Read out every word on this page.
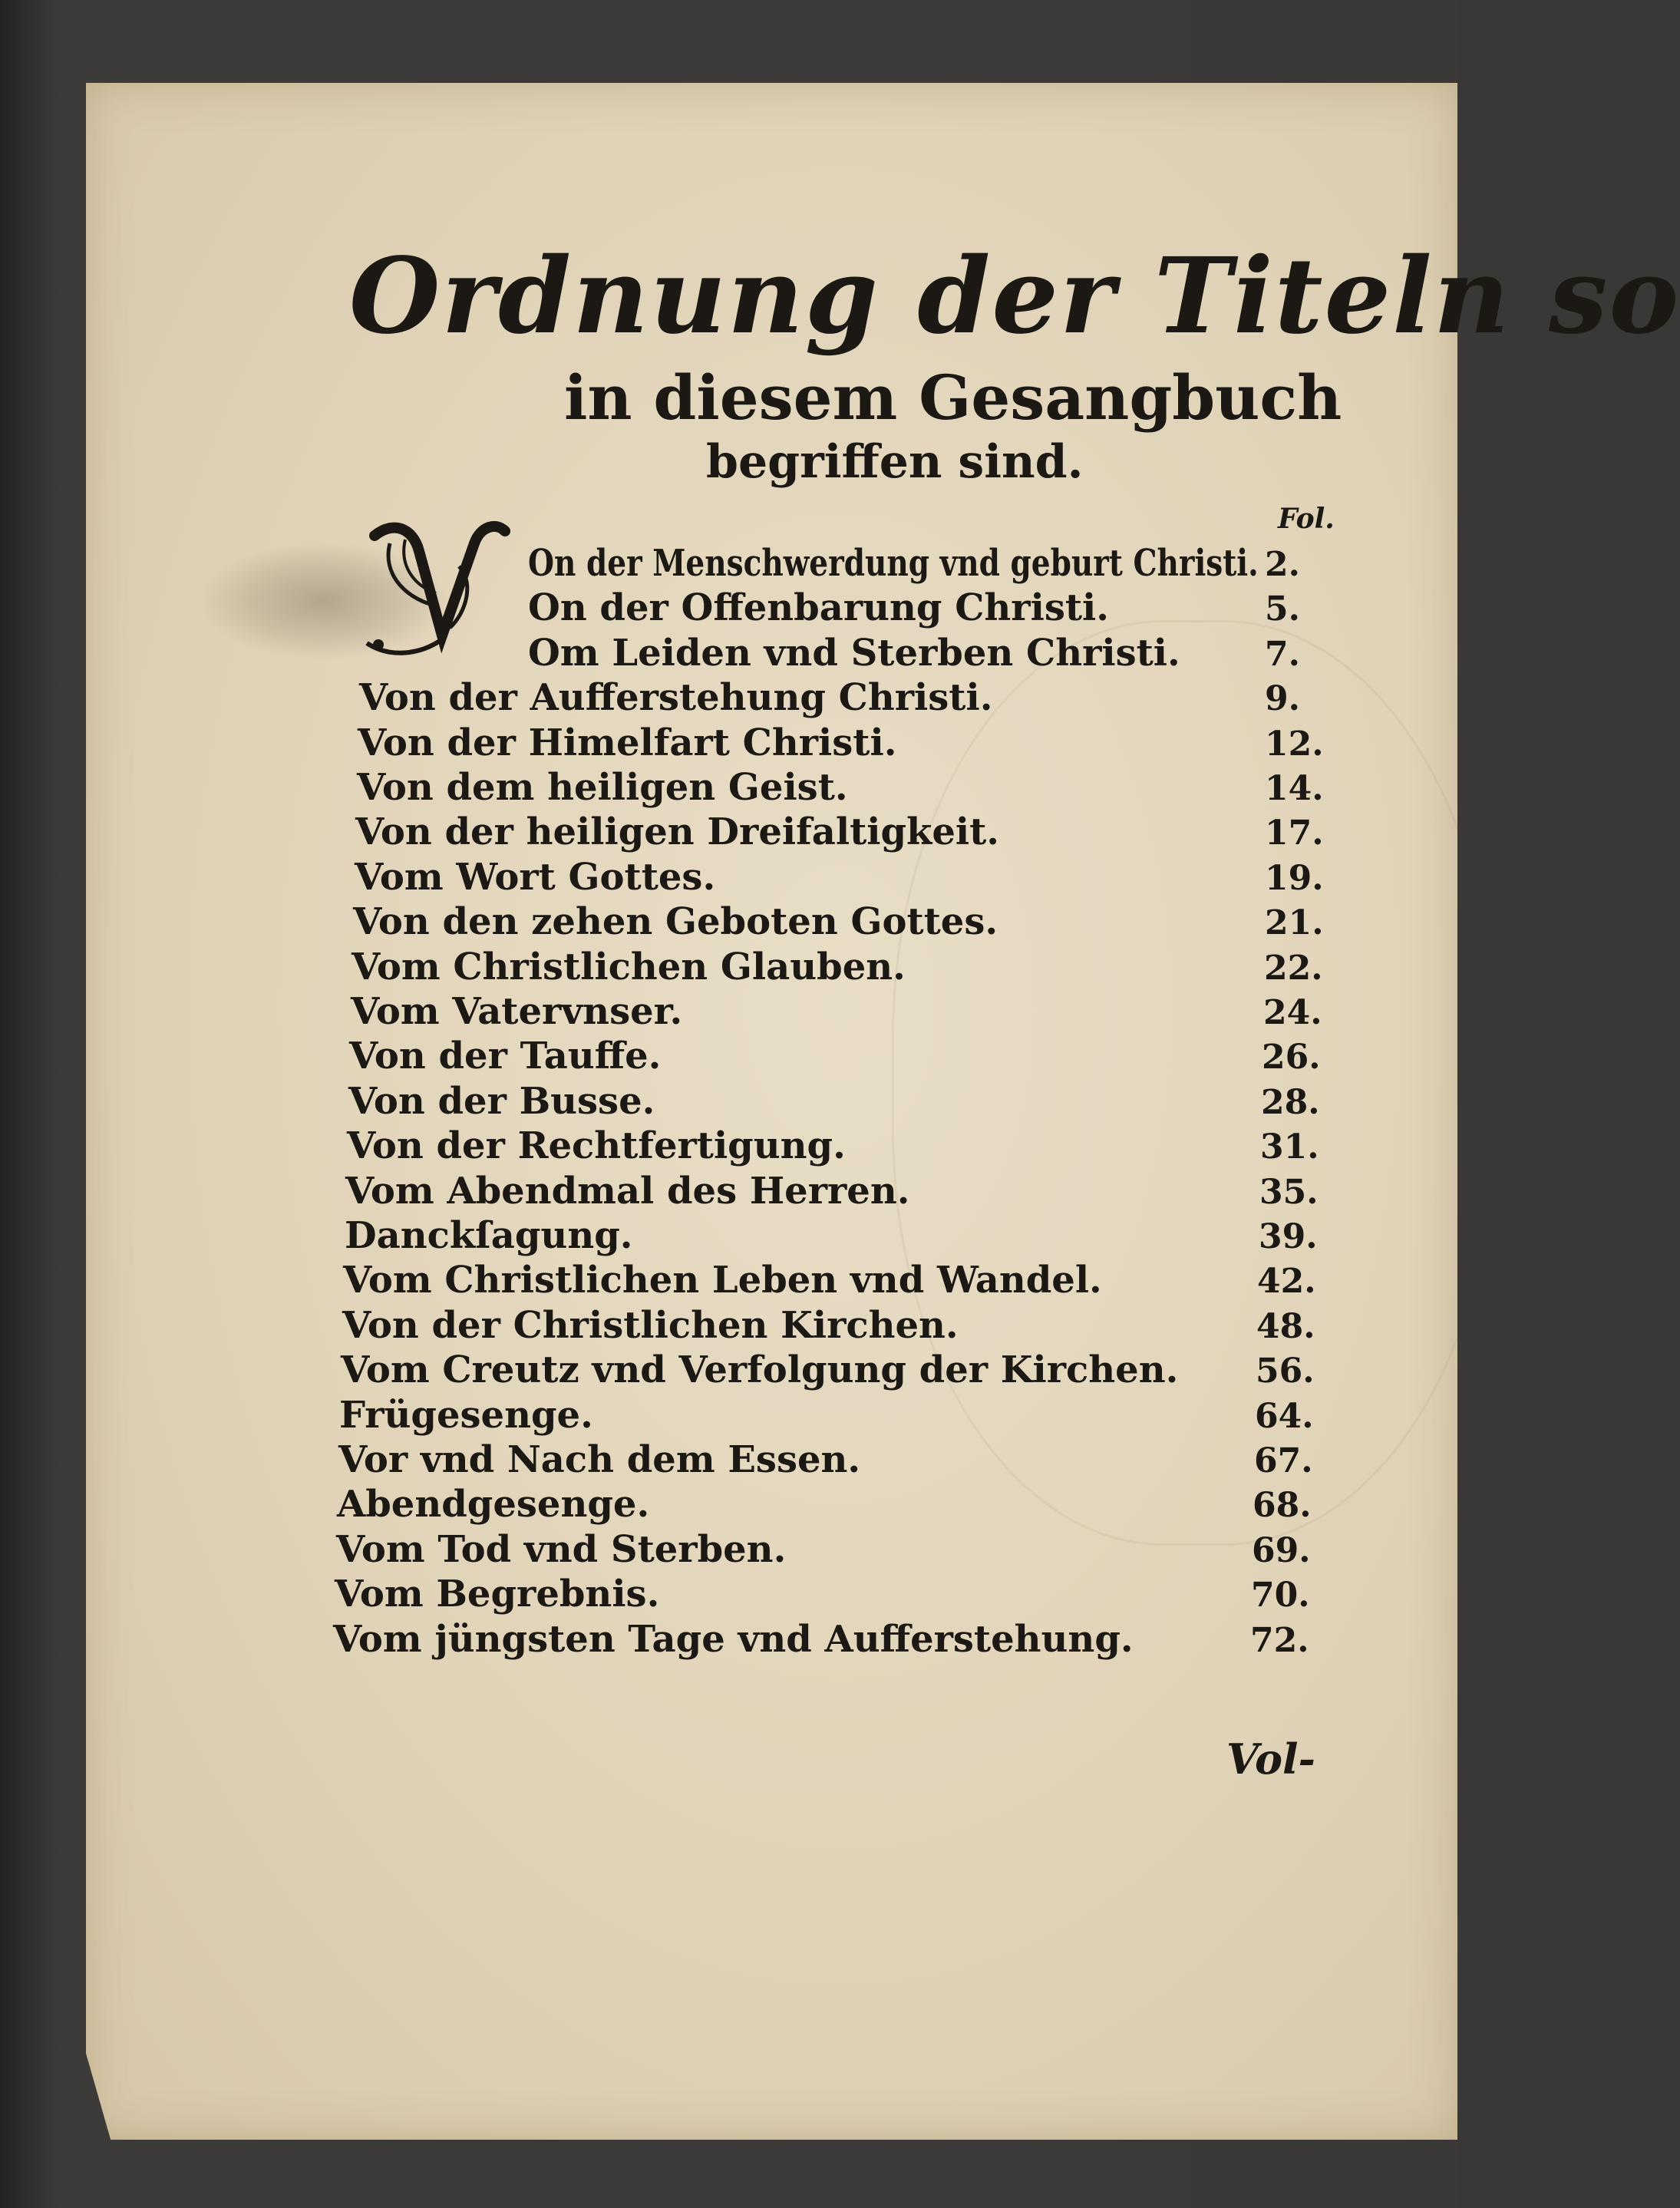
Ordnung der Titeln so
in diesem Gesangbuch
begriffen sind.
Fol.
On der Menschwerdung vnd geburt Christi. 2.
On der Offenbarung Christi.	5.
Om Leiden vnd Sterben Christi.	7.
Von der Aufferstehung Christi.	9.
Von der Himelfart Christi.	12.
Von dem heiligen Geist.	14.
Von der heiligen Dreifaltigkeit.	17.
Vom Wort Gottes.	19.
Von den zehen Geboten Gottes.	21.
Vom Christlichen Glauben.	22.
Vom Vatervnser.	24.
Von der Tauffe.	26.
Von der Busse.	28.
Von der Rechtfertigung.	31.
Vom Abendmal des Herren.	35.
Danckſagung.	39.
Vom Christlichen Leben vnd Wandel.	42.
Von der Christlichen Kirchen.	48.
Vom Creutz vnd Verfolgung der Kirchen. 56.
Frügesenge.	64.
Vor vnd Nach dem Essen.	67.
Abendgesenge.	68.
Vom Tod vnd Sterben.	69.
Vom Begrebnis.	70.
Vom jüngsten Tage vnd Aufferstehung.	72.
Vol-
